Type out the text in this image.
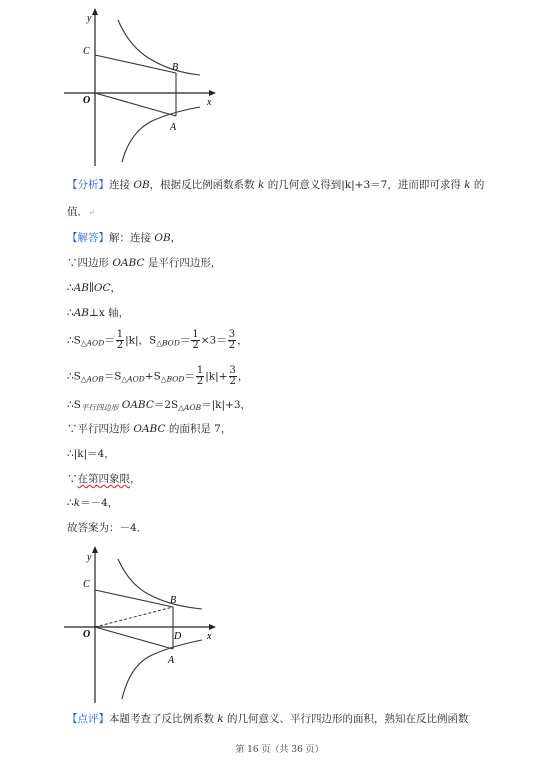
y
x
O
C
B
A
【分析】连接 OB，根据反比例函数系数 k 的几何意义得到|k|+3＝7，进而即可求得 k 的
值．↵
【解答】解：连接 OB，
∵四边形 OABC 是平行四边形，
∴AB∥OC，
∴AB⊥x 轴，
$\therefore S_{\triangle AOD}= \frac{1}{2} |k|$，$S_{\triangle BOD}= \frac{1}{2} \times 3= \frac{3}{2}$ ，
$\therefore S_{\triangle AOB}=S_{\triangle AOD}+S_{\triangle BOD}= \frac{1}{2} |k|+ \frac{3}{2}$ ，
$\therefore S_{平行四边形}$ $OABC=2S_{\triangle AOB}=|k|+3$，
∵平行四边形 OABC 的面积是 7，
∴|k|＝4，
∵在第四象限，
∴k＝－4，
故答案为：－4．
y
x
O
C
B
D
A
【点评】本题考查了反比例系数 k 的几何意义、平行四边形的面积，熟知在反比例函数
第 16 页（共 36 页）
